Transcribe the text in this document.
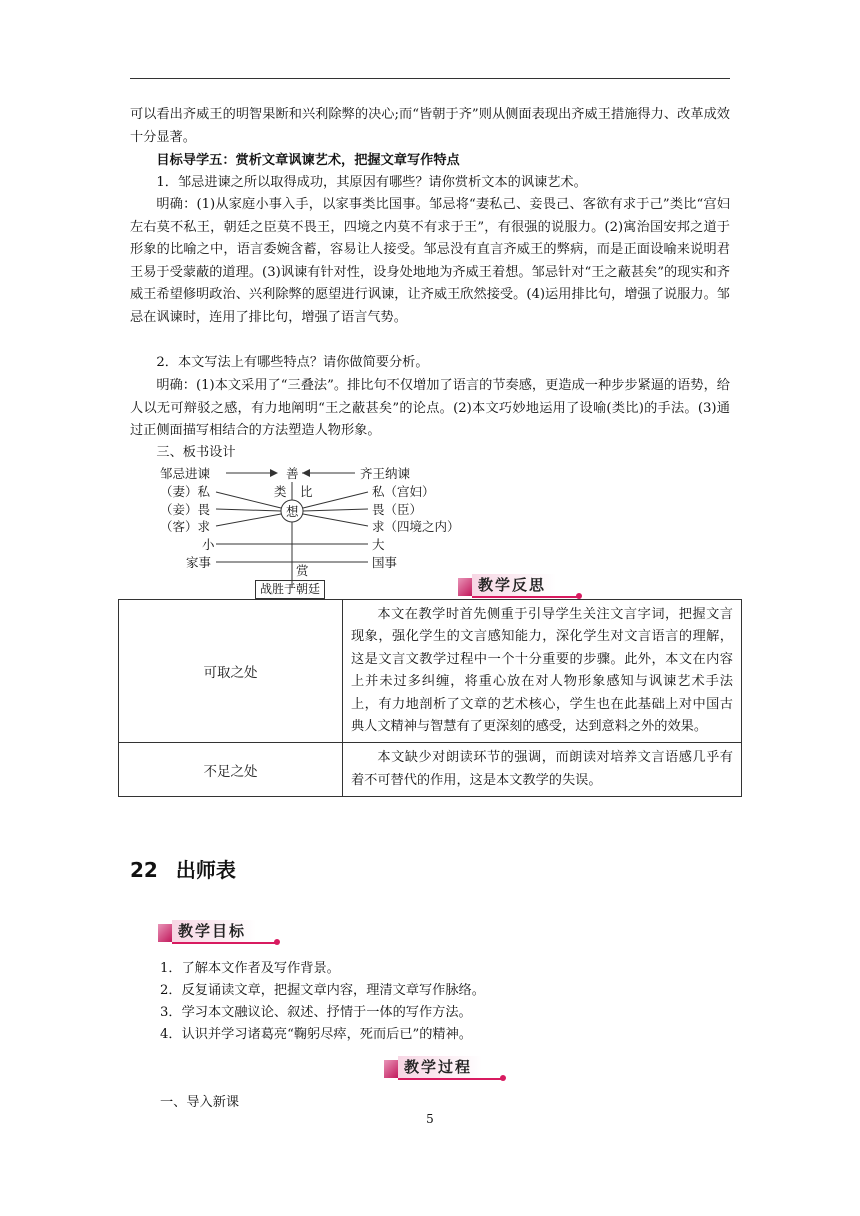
可以看出齐威王的明智果断和兴利除弊的决心;而“皆朝于齐”则从侧面表现出齐威王措施得力、改革成效十分显著。

目标导学五：赏析文章讽谏艺术，把握文章写作特点

1．邹忌进谏之所以取得成功，其原因有哪些？请你赏析文本的讽谏艺术。

明确：(1)从家庭小事入手，以家事类比国事。邹忌将“妻私己、妾畏己、客欲有求于己”类比“宫妇左右莫不私王，朝廷之臣莫不畏王，四境之内莫不有求于王”，有很强的说服力。(2)寓治国安邦之道于形象的比喻之中，语言委婉含蓄，容易让人接受。邹忌没有直言齐威王的弊病，而是正面设喻来说明君王易于受蒙蔽的道理。(3)讽谏有针对性，设身处地地为齐威王着想。邹忌针对“王之蔽甚矣”的现实和齐威王希望修明政治、兴利除弊的愿望进行讽谏，让齐威王欣然接受。(4)运用排比句，增强了说服力。邹忌在讽谏时，连用了排比句，增强了语言气势。

2．本文写法上有哪些特点？请你做简要分析。

明确：(1)本文采用了“三叠法”。排比句不仅增加了语言的节奏感，更造成一种步步紧逼的语势，给人以无可辩驳之感，有力地阐明“王之蔽甚矣”的论点。(2)本文巧妙地运用了设喻(类比)的手法。(3)通过正侧面描写相结合的方法塑造人物形象。

三、板书设计

邹忌进谏	善	齐王纳谏
类 比
想
（妻）私
（妾）畏
（客）求
私（宫妇）
畏（臣）
求（四境之内）
小	大
家事	国事
赏
战胜于朝廷	教学反思
可取之处	本文在教学时首先侧重于引导学生关注文言字词，把握文言现象，强化学生的文言感知能力，深化学生对文言语言的理解，这是文言文教学过程中一个十分重要的步骤。此外，本文在内容上并未过多纠缠，将重心放在对人物形象感知与讽谏艺术手法上，有力地剖析了文章的艺术核心，学生也在此基础上对中国古典人文精神与智慧有了更深刻的感受，达到意料之外的效果。
不足之处	本文缺少对朗读环节的强调，而朗读对培养文言语感几乎有着不可替代的作用，这是本文教学的失误。
22 出师表
教学目标

1．了解本文作者及写作背景。

2．反复诵读文章，把握文章内容，理清文章写作脉络。

3．学习本文融议论、叙述、抒情于一体的写作方法。

4．认识并学习诸葛亮“鞠躬尽瘁，死而后已”的精神。

教学过程

一、导入新课

5
